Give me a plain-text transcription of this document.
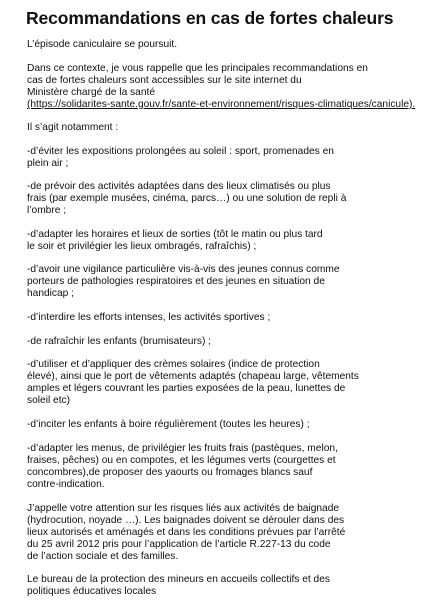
Recommandations en cas de fortes chaleurs
L’épisode caniculaire se poursuit.
Dans ce contexte, je vous rappelle que les principales recommandations en
cas de fortes chaleurs sont accessibles sur le site internet du
Ministère chargé de la santé
(https://solidarites-sante.gouv.fr/sante-et-environnement/risques-climatiques/canicule).
Il s’agit notamment :
-d’éviter les expositions prolongées au soleil : sport, promenades en
plein air ;
-de prévoir des activités adaptées dans des lieux climatisés ou plus
frais (par exemple musées, cinéma, parcs…) ou une solution de repli à
l’ombre ;
-d’adapter les horaires et lieux de sorties (tôt le matin ou plus tard
le soir et privilégier les lieux ombragés, rafraîchis) ;
-d’avoir une vigilance particulière vis-à-vis des jeunes connus comme
porteurs de pathologies respiratoires et des jeunes en situation de
handicap ;
-d’interdire les efforts intenses, les activités sportives ;
-de rafraîchir les enfants (brumisateurs) ;
-d’utiliser et d’appliquer des crèmes solaires (indice de protection
élevé), ainsi que le port de vêtements adaptés (chapeau large, vêtements
amples et légers couvrant les parties exposées de la peau, lunettes de
soleil etc)
-d’inciter les enfants à boire régulièrement (toutes les heures) ;
-d’adapter les menus, de privilégier les fruits frais (pastèques, melon,
fraises, pêches) ou en compotes, et les légumes verts (courgettes et
concombres),de proposer des yaourts ou fromages blancs sauf
contre-indication.
J’appelle votre attention sur les risques liés aux activités de baignade
(hydrocution, noyade …). Les baignades doivent se dérouler dans des
lieux autorisés et aménagés et dans les conditions prévues par l’arrêté
du 25 avril 2012 pris pour l’application de l’article R.227-13 du code
de l’action sociale et des familles.
Le bureau de la protection des mineurs en accueils collectifs et des
politiques éducatives locales
